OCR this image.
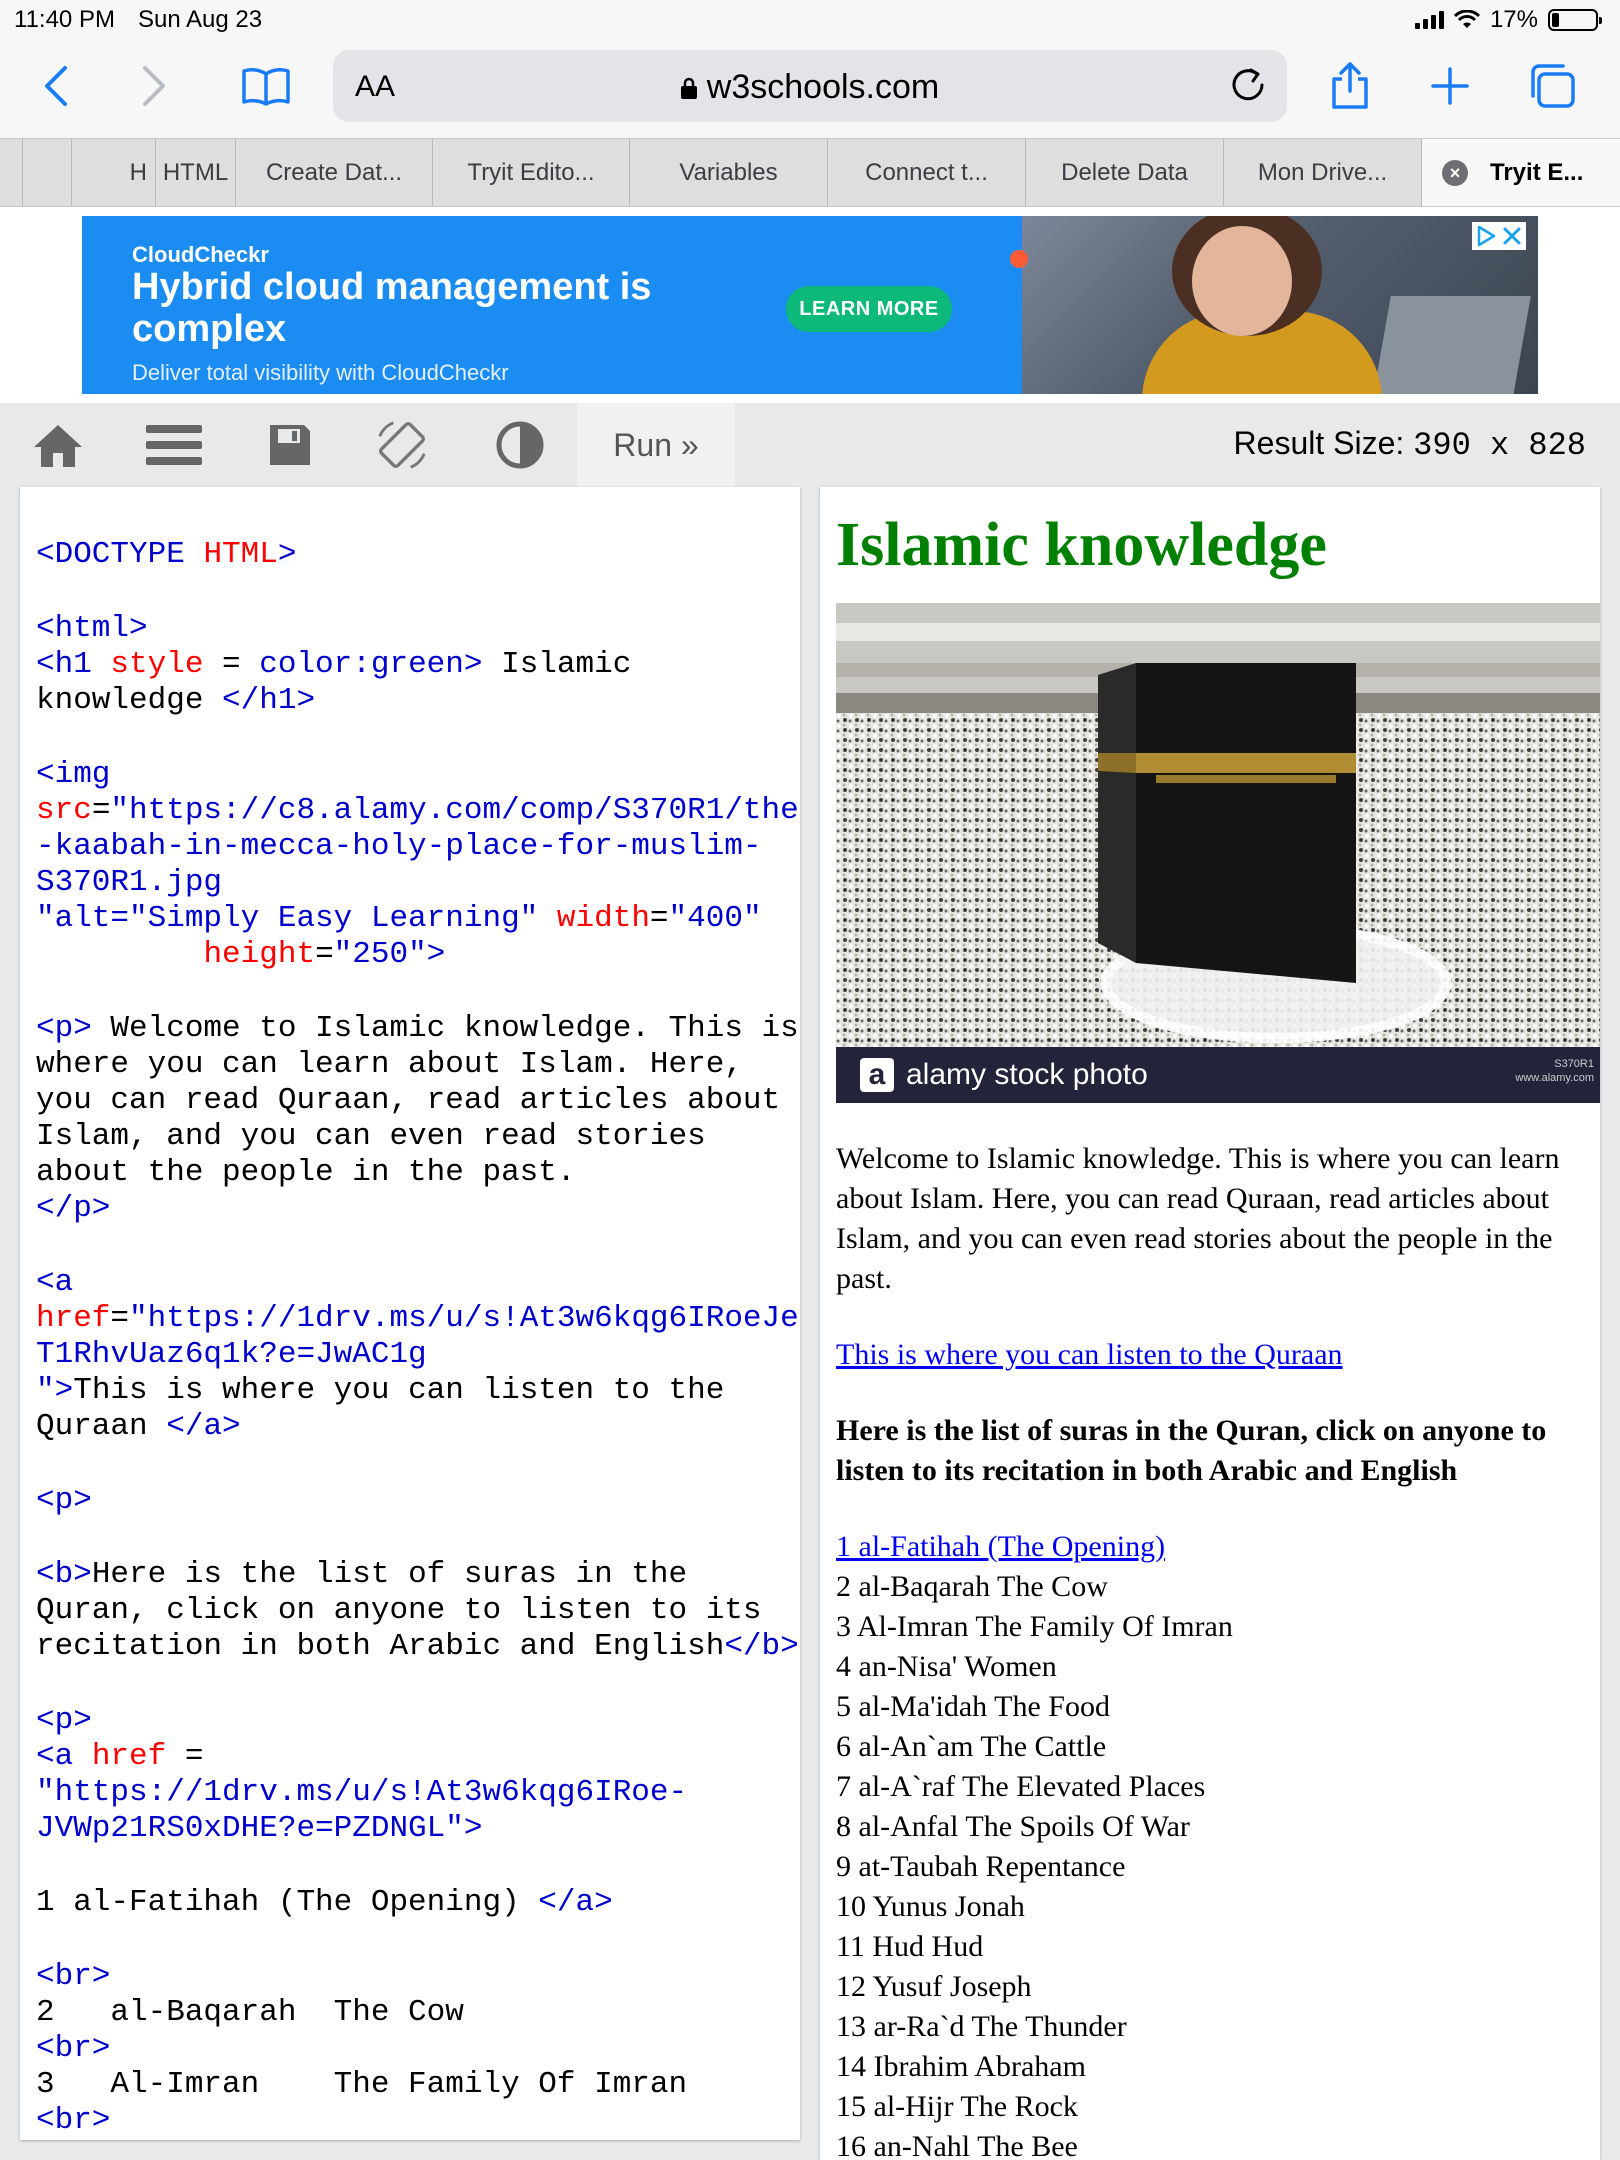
11:40 PM Sun Aug 23	17%
AA	w3schools.com
H HTML Create Dat...	Tryit Edito...	Variables	Connect t...	Delete Data	Mon Drive...	×	Tryit E...
CloudCheckr
Hybrid cloud management is complex
Deliver total visibility with CloudCheckr
LEARN MORE
Run »	Result Size: 390 x 828
<DOCTYPE HTML>
<html>
<h1 style = color:green> Islamic
knowledge </h1>
<img
src="https://c8.alamy.com/comp/S370R1/the
-kaabah-in-mecca-holy-place-for-muslim-
S370R1.jpg
"alt="Simply Easy Learning" width="400"
height="250">
<p> Welcome to Islamic knowledge. This is
where you can learn about Islam. Here,
you can read Quraan, read articles about
Islam, and you can even read stories
about the people in the past.
</p>
<a
href="https://1drv.ms/u/s!At3w6kqg6IRoeJe
T1RhvUaz6q1k?e=JwAC1g
">This is where you can listen to the
Quraan </a>
<p>
<b>Here is the list of suras in the
Quran, click on anyone to listen to its
recitation in both Arabic and English</b>
<p>
<a href =
"https://1drv.ms/u/s!At3w6kqg6IRoe-
JVWp21RS0xDHE?e=PZDNGL">
1 al-Fatihah (The Opening) </a>
<br>
2   al-Baqarah  The Cow
<br>
3   Al-Imran    The Family Of Imran
<br>
Islamic knowledge
a alamy stock photo	S370R1
www.alamy.com

Welcome to Islamic knowledge. This is where you can learn about Islam. Here, you can read Quraan, read articles about Islam, and you can even read stories about the people in the past.

This is where you can listen to the Quraan

Here is the list of suras in the Quran, click on anyone to listen to its recitation in both Arabic and English

1 al-Fatihah (The Opening)
2 al-Baqarah The Cow
3 Al-Imran The Family Of Imran
4 an-Nisa' Women
5 al-Ma'idah The Food
6 al-An`am The Cattle
7 al-A`raf The Elevated Places
8 al-Anfal The Spoils Of War
9 at-Taubah Repentance
10 Yunus Jonah
11 Hud Hud
12 Yusuf Joseph
13 ar-Ra`d The Thunder
14 Ibrahim Abraham
15 al-Hijr The Rock
16 an-Nahl The Bee
